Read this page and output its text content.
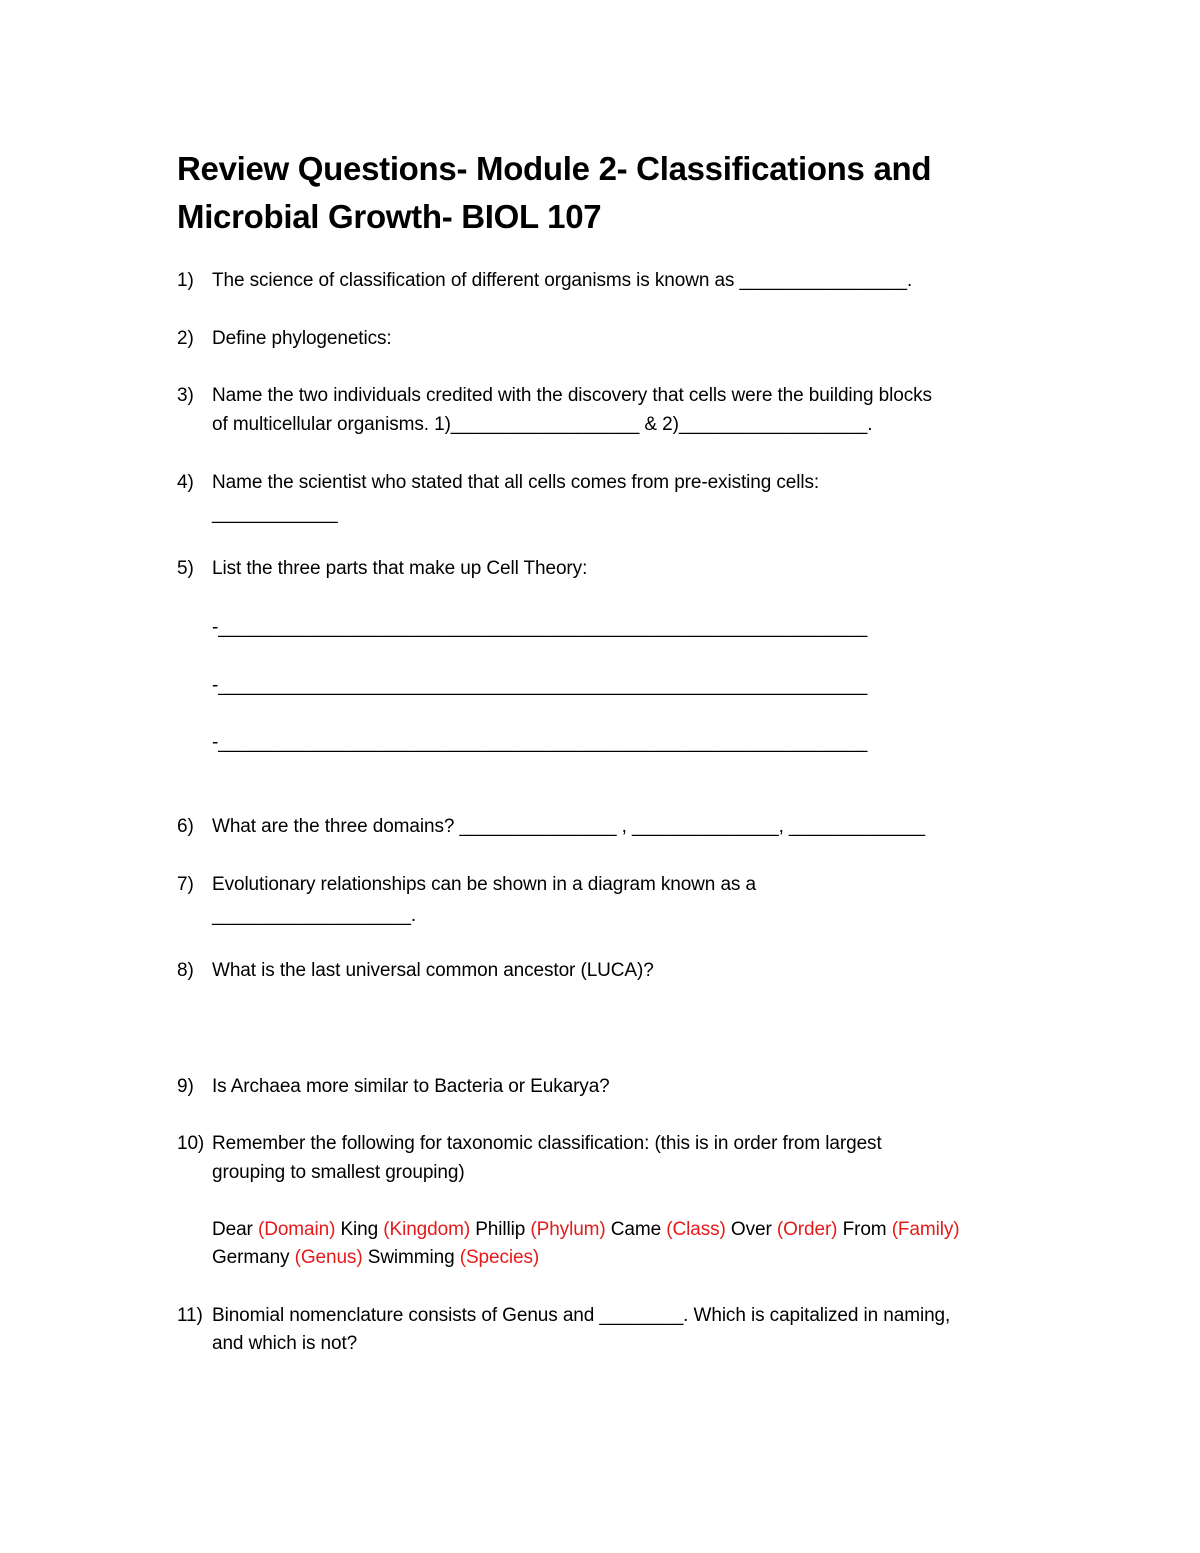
Review Questions- Module 2- Classifications and
Microbial Growth- BIOL 107
1) The science of classification of different organisms is known as ________________.
2) Define phylogenetics:
3) Name the two individuals credited with the discovery that cells were the building blocks
of multicellular organisms. 1)__________________ & 2)__________________.
4) Name the scientist who stated that all cells comes from pre-existing cells:
____________
5) List the three parts that make up Cell Theory:
-______________________________________________________________
-______________________________________________________________
-______________________________________________________________
6) What are the three domains? _______________ , ______________, _____________
7) Evolutionary relationships can be shown in a diagram known as a
___________________.
8) What is the last universal common ancestor (LUCA)?
9) Is Archaea more similar to Bacteria or Eukarya?
10) Remember the following for taxonomic classification: (this is in order from largest
grouping to smallest grouping)
Dear (Domain) King (Kingdom) Phillip (Phylum) Came (Class) Over (Order) From (Family)
Germany (Genus) Swimming (Species)
11) Binomial nomenclature consists of Genus and ________. Which is capitalized in naming,
and which is not?
